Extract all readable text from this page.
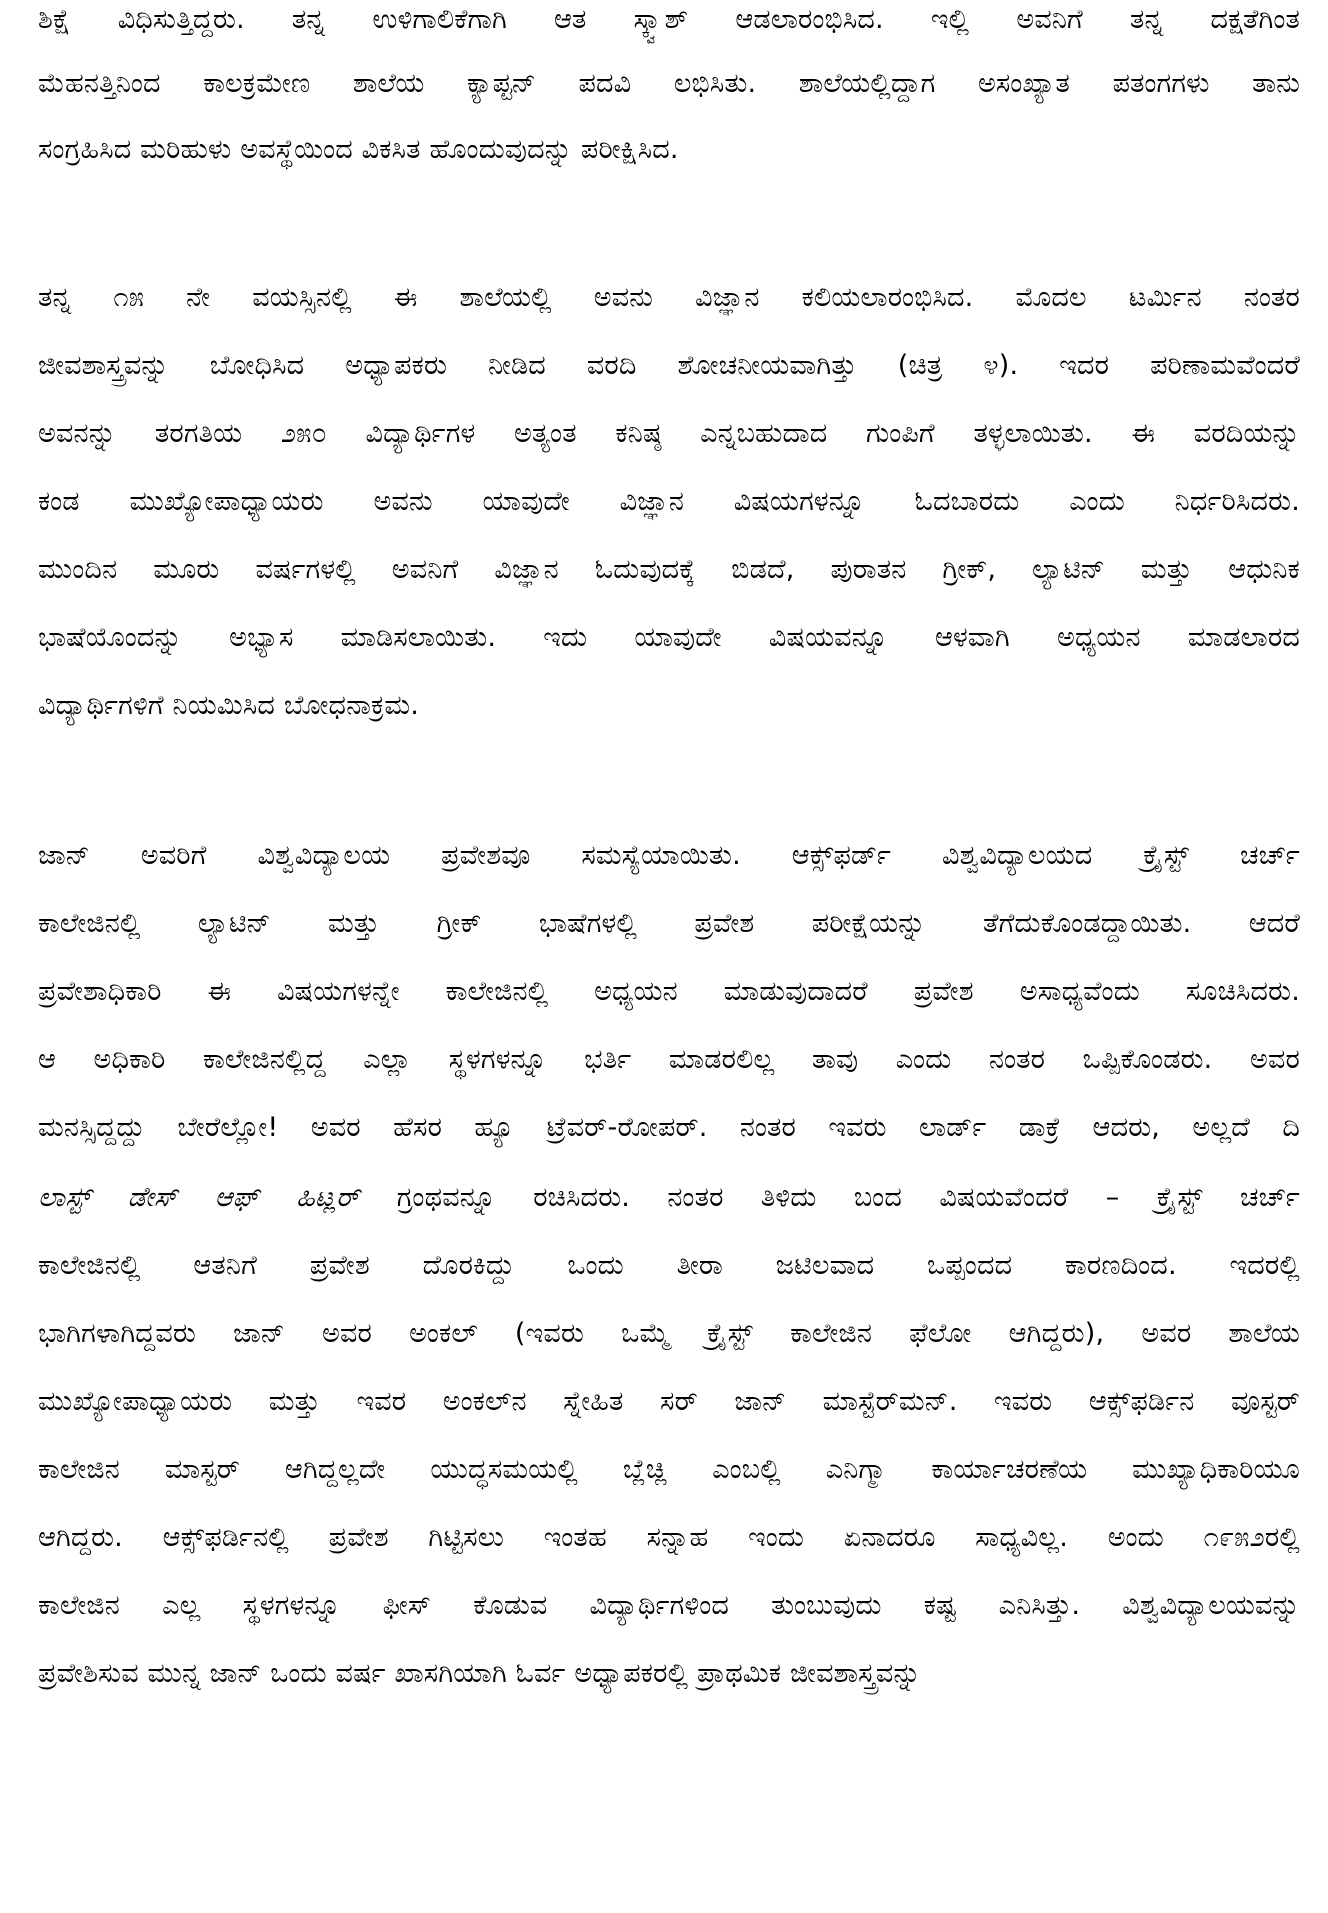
ಶಿಕ್ಷೆ ವಿಧಿಸುತ್ತಿದ್ದರು. ತನ್ನ ಉಳಿಗಾಲಿಕೆಗಾಗಿ ಆತ ಸ್ಕ್ವಾಶ್ ಆಡಲಾರಂಭಿಸಿದ. ಇಲ್ಲಿ ಅವನಿಗೆ ತನ್ನ ದಕ್ಷತೆಗಿಂತ
ಮೆಹನತ್ತಿನಿಂದ ಕಾಲಕ್ರಮೇಣ ಶಾಲೆಯ ಕ್ಯಾಪ್ಟನ್ ಪದವಿ ಲಭಿಸಿತು. ಶಾಲೆಯಲ್ಲಿದ್ದಾಗ ಅಸಂಖ್ಯಾತ ಪತಂಗಗಳು ತಾನು
ಸಂಗ್ರಹಿಸಿದ ಮರಿಹುಳು ಅವಸ್ಥೆಯಿಂದ ವಿಕಸಿತ ಹೊಂದುವುದನ್ನು ಪರೀಕ್ಷಿಸಿದ.
ತನ್ನ ೧೫ ನೇ ವಯಸ್ಸಿನಲ್ಲಿ ಈ ಶಾಲೆಯಲ್ಲಿ ಅವನು ವಿಜ್ಞಾನ ಕಲಿಯಲಾರಂಭಿಸಿದ. ಮೊದಲ ಟರ್ಮಿನ ನಂತರ
ಜೀವಶಾಸ್ತ್ರವನ್ನು ಬೋಧಿಸಿದ ಅಧ್ಯಾಪಕರು ನೀಡಿದ ವರದಿ ಶೋಚನೀಯವಾಗಿತ್ತು (ಚಿತ್ರ ೪). ಇದರ ಪರಿಣಾಮವೆಂದರೆ
ಅವನನ್ನು ತರಗತಿಯ ೨೫೦ ವಿದ್ಯಾರ್ಥಿಗಳ ಅತ್ಯಂತ ಕನಿಷ್ಠ ಎನ್ನಬಹುದಾದ ಗುಂಪಿಗೆ ತಳ್ಳಲಾಯಿತು. ಈ ವರದಿಯನ್ನು
ಕಂಡ ಮುಖ್ಯೋಪಾಧ್ಯಾಯರು ಅವನು ಯಾವುದೇ ವಿಜ್ಞಾನ ವಿಷಯಗಳನ್ನೂ ಓದಬಾರದು ಎಂದು ನಿರ್ಧರಿಸಿದರು.
ಮುಂದಿನ ಮೂರು ವರ್ಷಗಳಲ್ಲಿ ಅವನಿಗೆ ವಿಜ್ಞಾನ ಓದುವುದಕ್ಕೆ ಬಿಡದೆ, ಪುರಾತನ ಗ್ರೀಕ್, ಲ್ಯಾಟಿನ್ ಮತ್ತು ಆಧುನಿಕ
ಭಾಷೆಯೊಂದನ್ನು ಅಭ್ಯಾಸ ಮಾಡಿಸಲಾಯಿತು. ಇದು ಯಾವುದೇ ವಿಷಯವನ್ನೂ ಆಳವಾಗಿ ಅಧ್ಯಯನ ಮಾಡಲಾರದ
ವಿದ್ಯಾರ್ಥಿಗಳಿಗೆ ನಿಯಮಿಸಿದ ಬೋಧನಾಕ್ರಮ.
ಜಾನ್ ಅವರಿಗೆ ವಿಶ್ವವಿದ್ಯಾಲಯ ಪ್ರವೇಶವೂ ಸಮಸ್ಯೆಯಾಯಿತು. ಆಕ್ಸ್‌ಫರ್ಡ್ ವಿಶ್ವವಿದ್ಯಾಲಯದ ಕ್ರೈಸ್ಟ್ ಚರ್ಚ್
ಕಾಲೇಜಿನಲ್ಲಿ ಲ್ಯಾಟಿನ್ ಮತ್ತು ಗ್ರೀಕ್ ಭಾಷೆಗಳಲ್ಲಿ ಪ್ರವೇಶ ಪರೀಕ್ಷೆಯನ್ನು ತೆಗೆದುಕೊಂಡದ್ದಾಯಿತು. ಆದರೆ
ಪ್ರವೇಶಾಧಿಕಾರಿ ಈ ವಿಷಯಗಳನ್ನೇ ಕಾಲೇಜಿನಲ್ಲಿ ಅಧ್ಯಯನ ಮಾಡುವುದಾದರೆ ಪ್ರವೇಶ ಅಸಾಧ್ಯವೆಂದು ಸೂಚಿಸಿದರು.
ಆ ಅಧಿಕಾರಿ ಕಾಲೇಜಿನಲ್ಲಿದ್ದ ಎಲ್ಲಾ ಸ್ಥಳಗಳನ್ನೂ ಭರ್ತಿ ಮಾಡರಲಿಲ್ಲ ತಾವು ಎಂದು ನಂತರ ಒಪ್ಪಿಕೊಂಡರು. ಅವರ
ಮನಸ್ಸಿದ್ದದ್ದು ಬೇರೆಲ್ಲೋ! ಅವರ ಹೆಸರ ಹ್ಯೂ ಟ್ರೆವರ್-ರೋಪರ್. ನಂತರ ಇವರು ಲಾರ್ಡ್ ಡಾಕ್ರೆ ಆದರು, ಅಲ್ಲದೆ ದಿ
ಲಾಸ್ಟ್ ಡೇಸ್ ಆಫ್ ಹಿಟ್ಲರ್ ಗ್ರಂಥವನ್ನೂ ರಚಿಸಿದರು. ನಂತರ ತಿಳಿದು ಬಂದ ವಿಷಯವೆಂದರೆ – ಕ್ರೈಸ್ಟ್ ಚರ್ಚ್
ಕಾಲೇಜಿನಲ್ಲಿ ಆತನಿಗೆ ಪ್ರವೇಶ ದೊರಕಿದ್ದು ಒಂದು ತೀರಾ ಜಟಿಲವಾದ ಒಪ್ಪಂದದ ಕಾರಣದಿಂದ. ಇದರಲ್ಲಿ
ಭಾಗಿಗಳಾಗಿದ್ದವರು ಜಾನ್ ಅವರ ಅಂಕಲ್ (ಇವರು ಒಮ್ಮೆ ಕ್ರೈಸ್ಟ್ ಕಾಲೇಜಿನ ಫೆಲೋ ಆಗಿದ್ದರು), ಅವರ ಶಾಲೆಯ
ಮುಖ್ಯೋಪಾಧ್ಯಾಯರು ಮತ್ತು ಇವರ ಅಂಕಲ್‌ನ ಸ್ನೇಹಿತ ಸರ್ ಜಾನ್ ಮಾಸ್ಟೆರ್‌ಮನ್. ಇವರು ಆಕ್ಸ್‌ಫರ್ಡಿನ ವೂಸ್ಟರ್
ಕಾಲೇಜಿನ ಮಾಸ್ಟರ್ ಆಗಿದ್ದಲ್ಲದೇ ಯುದ್ಧಸಮಯಲ್ಲಿ ಬ್ಲೆಚ್ಲಿ ಎಂಬಲ್ಲಿ ಎನಿಗ್ಮಾ ಕಾರ್ಯಾಚರಣೆಯ ಮುಖ್ಯಾಧಿಕಾರಿಯೂ
ಆಗಿದ್ದರು. ಆಕ್ಸ್‌ಫರ್ಡಿನಲ್ಲಿ ಪ್ರವೇಶ ಗಿಟ್ಟಿಸಲು ಇಂತಹ ಸನ್ನಾಹ ಇಂದು ಏನಾದರೂ ಸಾಧ್ಯವಿಲ್ಲ. ಅಂದು ೧೯೫೨ರಲ್ಲಿ
ಕಾಲೇಜಿನ ಎಲ್ಲ ಸ್ಥಳಗಳನ್ನೂ ಫೀಸ್ ಕೊಡುವ ವಿದ್ಯಾರ್ಥಿಗಳಿಂದ ತುಂಬುವುದು ಕಷ್ಟ ಎನಿಸಿತ್ತು. ವಿಶ್ವವಿದ್ಯಾಲಯವನ್ನು
ಪ್ರವೇಶಿಸುವ ಮುನ್ನ ಜಾನ್ ಒಂದು ವರ್ಷ ಖಾಸಗಿಯಾಗಿ ಓರ್ವ ಅಧ್ಯಾಪಕರಲ್ಲಿ ಪ್ರಾಥಮಿಕ ಜೀವಶಾಸ್ತ್ರವನ್ನು
